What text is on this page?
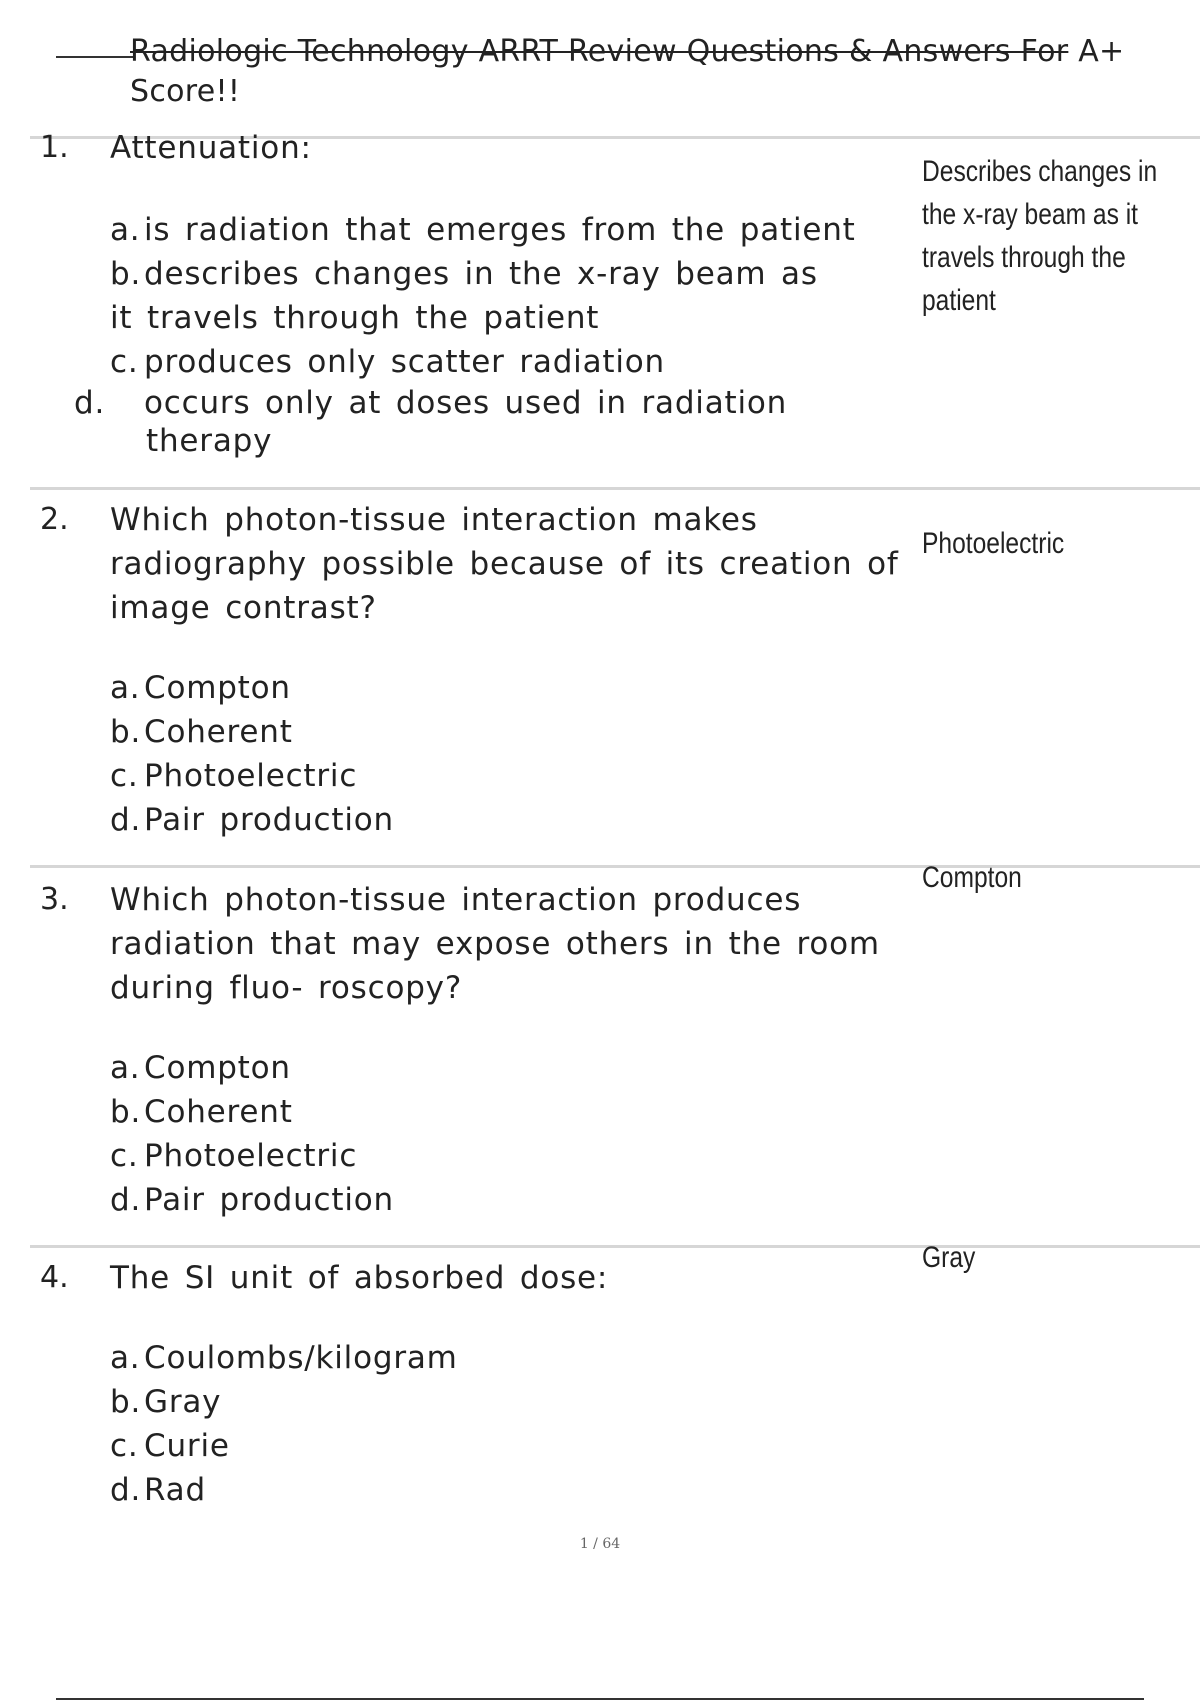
Radiologic Technology ARRT Review Questions & Answers For A+ Score!!
1. Attenuation:
a. is radiation that emerges from the patient
b.describes changes in the x-ray beam as it travels through the patient
c. produces only scatter radiation
d. occurs only at doses used in radiation therapy
Describes changes in the x-ray beam as it travels through the patient
2. Which photon-tissue interaction makes radiography possible because of its creation of image contrast?
a. Compton
b.Coherent
c. Photoelectric
d.Pair production
Photoelectric
3. Which photon-tissue interaction produces radiation that may expose others in the room during fluo- roscopy?
a. Compton
b.Coherent
c. Photoelectric
d.Pair production
Compton
4. The SI unit of absorbed dose:
a. Coulombs/kilogram
b.Gray
c. Curie
d.Rad
Gray
1 / 64
